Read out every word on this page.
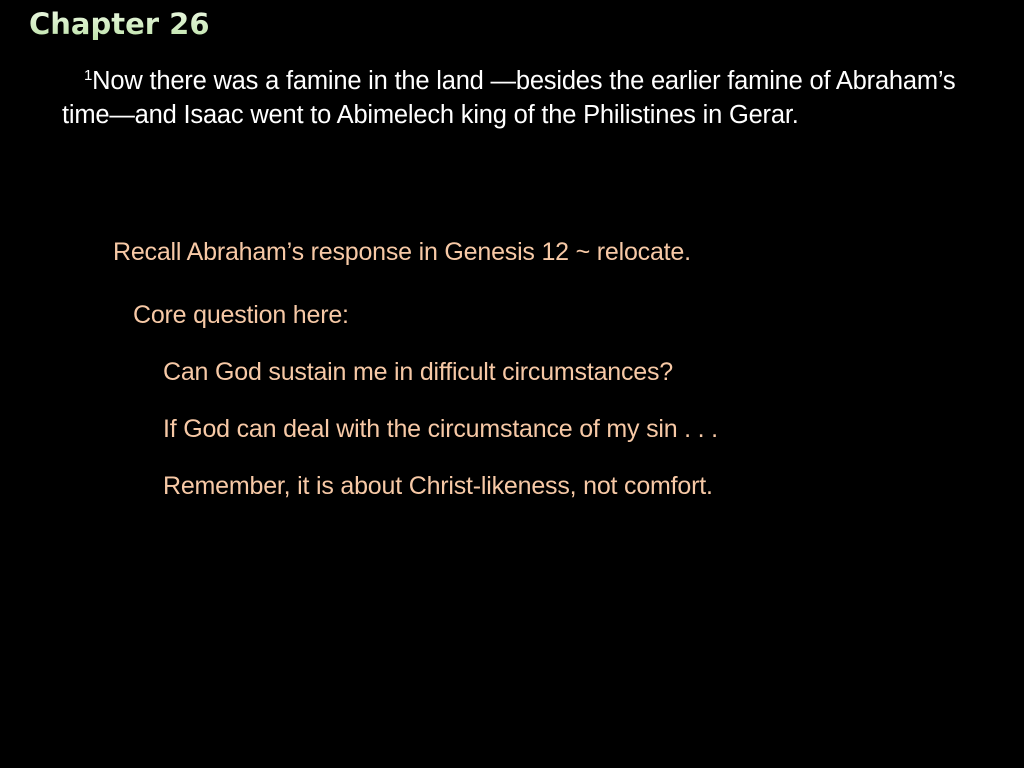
Chapter 26
$^1$Now there was a famine in the land —besides the earlier famine of Abraham’s time—and Isaac went to Abimelech king of the Philistines in Gerar.
Recall Abraham’s response in Genesis 12 ~ relocate.
Core question here:
Can God sustain me in difficult circumstances?
If God can deal with the circumstance of my sin . . .
Remember, it is about Christ-likeness, not comfort.
